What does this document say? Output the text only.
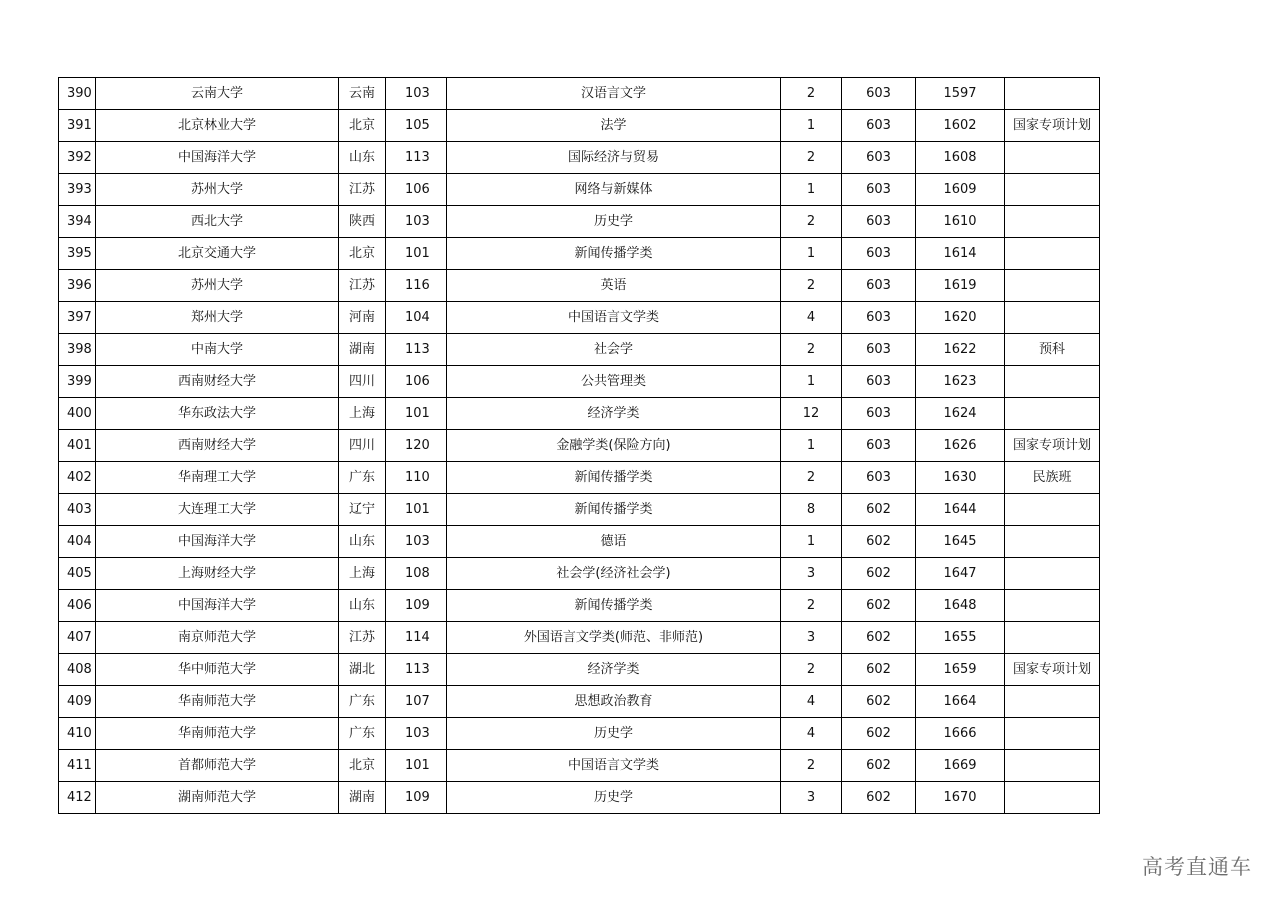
390	云南大学	云南	103	汉语言文学	2	603	1597	
391	北京林业大学	北京	105	法学	1	603	1602	国家专项计划
392	中国海洋大学	山东	113	国际经济与贸易	2	603	1608	
393	苏州大学	江苏	106	网络与新媒体	1	603	1609	
394	西北大学	陕西	103	历史学	2	603	1610	
395	北京交通大学	北京	101	新闻传播学类	1	603	1614	
396	苏州大学	江苏	116	英语	2	603	1619	
397	郑州大学	河南	104	中国语言文学类	4	603	1620	
398	中南大学	湖南	113	社会学	2	603	1622	预科
399	西南财经大学	四川	106	公共管理类	1	603	1623	
400	华东政法大学	上海	101	经济学类	12	603	1624	
401	西南财经大学	四川	120	金融学类(保险方向)	1	603	1626	国家专项计划
402	华南理工大学	广东	110	新闻传播学类	2	603	1630	民族班
403	大连理工大学	辽宁	101	新闻传播学类	8	602	1644	
404	中国海洋大学	山东	103	德语	1	602	1645	
405	上海财经大学	上海	108	社会学(经济社会学)	3	602	1647	
406	中国海洋大学	山东	109	新闻传播学类	2	602	1648	
407	南京师范大学	江苏	114	外国语言文学类(师范、非师范)	3	602	1655	
408	华中师范大学	湖北	113	经济学类	2	602	1659	国家专项计划
409	华南师范大学	广东	107	思想政治教育	4	602	1664	
410	华南师范大学	广东	103	历史学	4	602	1666	
411	首都师范大学	北京	101	中国语言文学类	2	602	1669	
412	湖南师范大学	湖南	109	历史学	3	602	1670	
高考直通车
